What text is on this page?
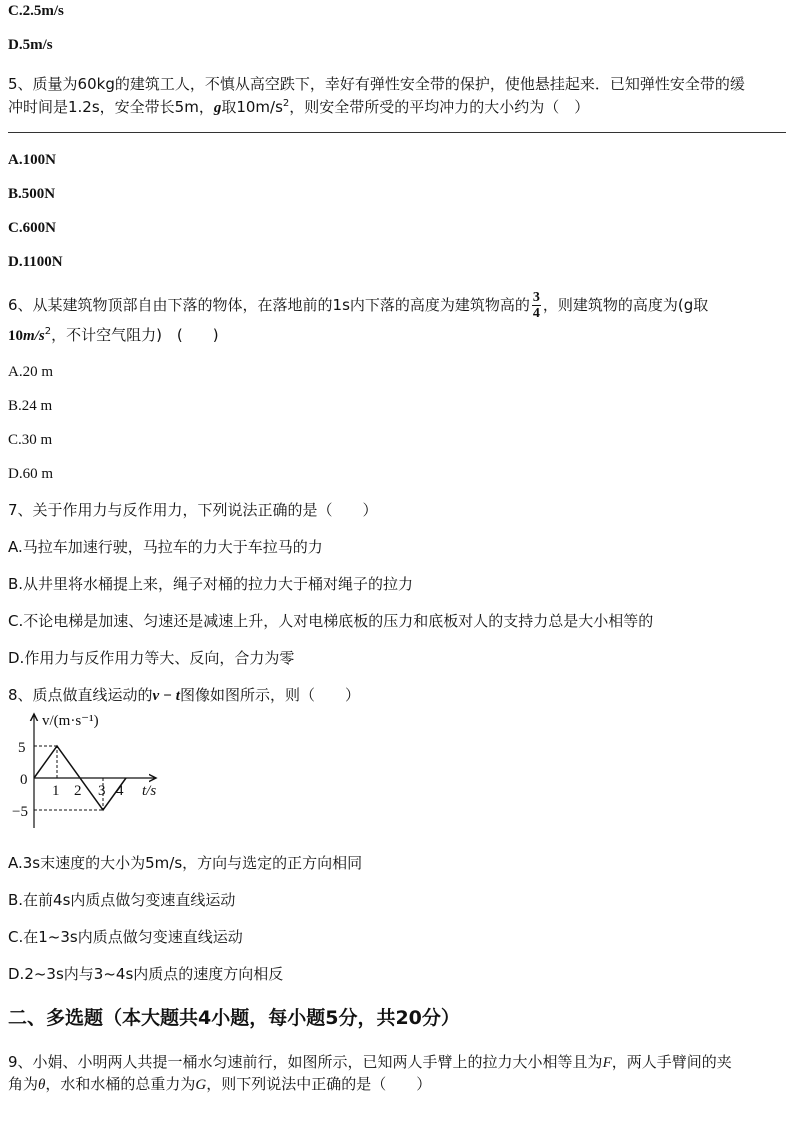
C.2.5m/s
D.5m/s
5、质量为60kg的建筑工人，不慎从高空跌下，幸好有弹性安全带的保护，使他悬挂起来．已知弹性安全带的缓
冲时间是1.2s，安全带长5m，g取$10m/s^2$，则安全带所受的平均冲力的大小约为（　）
A.100N
B.500N
C.600N
D.1100N
6、从某建筑物顶部自由下落的物体，在落地前的1s内下落的高度为建筑物高的 $\frac{3}{4}$ ，则建筑物的高度为(g取
$10m/s^2$，不计空气阻力)　(　　)
A.20 m
B.24 m
C.30 m
D.60 m
7、关于作用力与反作用力，下列说法正确的是（　　）
A.马拉车加速行驶，马拉车的力大于车拉马的力
B.从井里将水桶提上来，绳子对桶的拉力大于桶对绳子的拉力
C.不论电梯是加速、匀速还是减速上升，人对电梯底板的压力和底板对人的支持力总是大小相等的
D.作用力与反作用力等大、反向，合力为零
8、质点做直线运动的v − t图像如图所示，则（　　）
v/(m·s⁻¹)
t/s
5
0
−5
1 2 3 4
A.3s末速度的大小为5m/s，方向与选定的正方向相同
B.在前4s内质点做匀变速直线运动
C.在1~3s内质点做匀变速直线运动
D.2~3s内与3~4s内质点的速度方向相反
二、多选题（本大题共4小题，每小题5分，共20分）
9、小娟、小明两人共提一桶水匀速前行，如图所示，已知两人手臂上的拉力大小相等且为F，两人手臂间的夹
角为θ，水和水桶的总重力为G，则下列说法中正确的是（　　）
